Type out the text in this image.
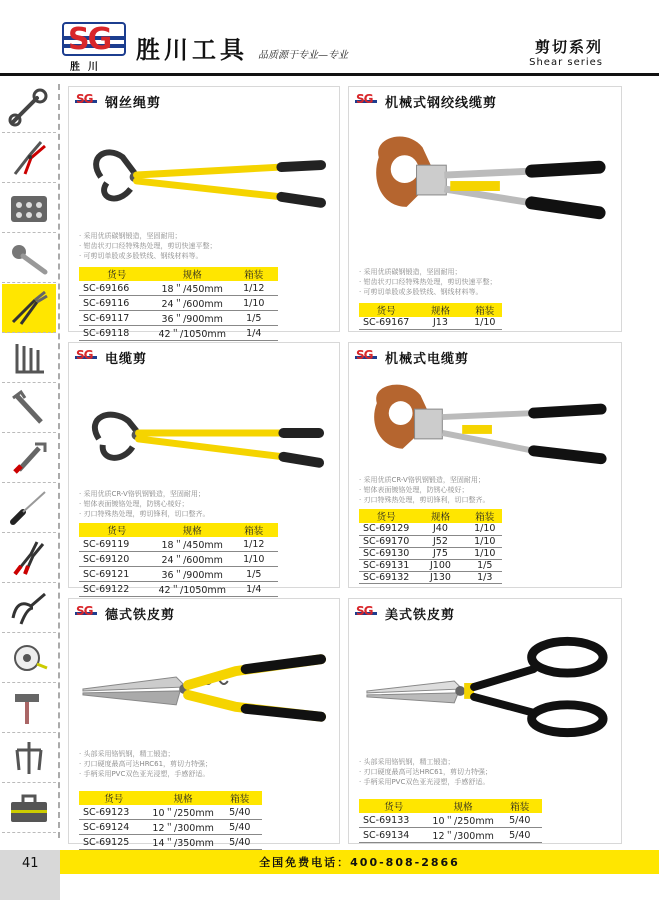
SG
胜川
胜川工具 品质源于专业—专业	剪切系列
Shear series
SG 钢丝绳剪
· 采用优质碳钢锻造，坚固耐用；
· 钳齿状刃口经特殊热处理，剪切快速平整；
· 可剪切单股或多股铁线、钢线材料等。
货号	规格	箱装
SC-69166	18＂/450mm	1/12
SC-69116	24＂/600mm	1/10
SC-69117	36＂/900mm	1/5
SC-69118	42＂/1050mm	1/4
SG 机械式钢绞线缆剪
· 采用优质碳钢锻造，坚固耐用；
· 钳齿状刃口经特殊热处理，剪切快速平整；
· 可剪切单股或多股铁线、钢线材料等。
货号	规格	箱装
SC-69167	J13	1/10
SG 电缆剪
· 采用优质CR-V铬钒钢锻造，坚固耐用；
· 钳体表面镀铬处理，防锈心棱好；
· 刃口特殊热处理，剪切锋利，切口整齐。
货号	规格	箱装
SC-69119	18＂/450mm	1/12
SC-69120	24＂/600mm	1/10
SC-69121	36＂/900mm	1/5
SC-69122	42＂/1050mm	1/4
SG 机械式电缆剪
· 采用优质CR-V铬钒钢锻造，坚固耐用；
· 钳体表面镀铬处理，防锈心棱好；
· 刃口特殊热处理，剪切锋利，切口整齐。
货号	规格	箱装
SC-69129	J40	1/10
SC-69170	J52	1/10
SC-69130	J75	1/10
SC-69131	J100	1/5
SC-69132	J130	1/3
SG 德式铁皮剪
· 头部采用铬钒钢，精工锻造；
· 刃口硬度最高可达HRC61，剪切力特强；
· 手柄采用PVC双色亚光浸塑，手感舒适。
货号	规格	箱装
SC-69123	10＂/250mm	5/40
SC-69124	12＂/300mm	5/40
SC-69125	14＂/350mm	5/40
SG 美式铁皮剪
· 头部采用铬钒钢，精工锻造；
· 刃口硬度最高可达HRC61，剪切力特强；
· 手柄采用PVC双色亚光浸塑，手感舒适。
货号	规格	箱装
SC-69133	10＂/250mm	5/40
SC-69134	12＂/300mm	5/40
41	全国免费电话：400-808-2866
